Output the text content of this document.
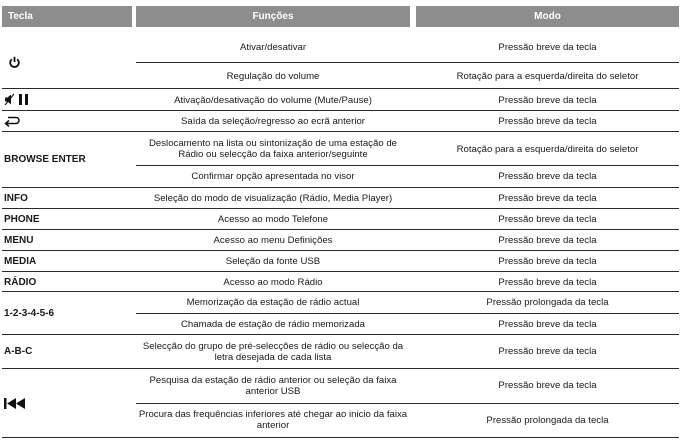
Tecla	Funções	Modo
BROWSE ENTER
INFO
PHONE
MENU
MEDIA
RÁDIO
1-2-3-4-5-6
A-B-C
Ativar/desativar
Regulação do volume
Ativação/desativação do volume (Mute/Pause)
Saída da seleção/regresso ao ecrã anterior
Deslocamento na lista ou sintonização de uma estação de Rádio ou selecção da faixa anterior/seguinte
Confirmar opção apresentada no visor
Seleção do modo de visualização (Rádio, Media Player)
Acesso ao modo Telefone
Acesso ao menu Definições
Seleção da fonte USB
Acesso ao modo Rádio
Memorização da estação de rádio actual
Chamada de estação de rádio memorizada
Selecção do grupo de pré-selecções de rádio ou selecção da letra desejada de cada lista
Pesquisa da estação de rádio anterior ou seleção da faixa anterior USB
Procura das frequências inferiores até chegar ao inicio da faixa anterior
Pressão breve da tecla
Rotação para a esquerda/direita do seletor
Pressão breve da tecla
Pressão breve da tecla
Rotação para a esquerda/direita do seletor
Pressão breve da tecla
Pressão breve da tecla
Pressão breve da tecla
Pressão breve da tecla
Pressão breve da tecla
Pressão breve da tecla
Pressão prolongada da tecla
Pressão breve da tecla
Pressão breve da tecla
Pressão breve da tecla
Pressão prolongada da tecla
